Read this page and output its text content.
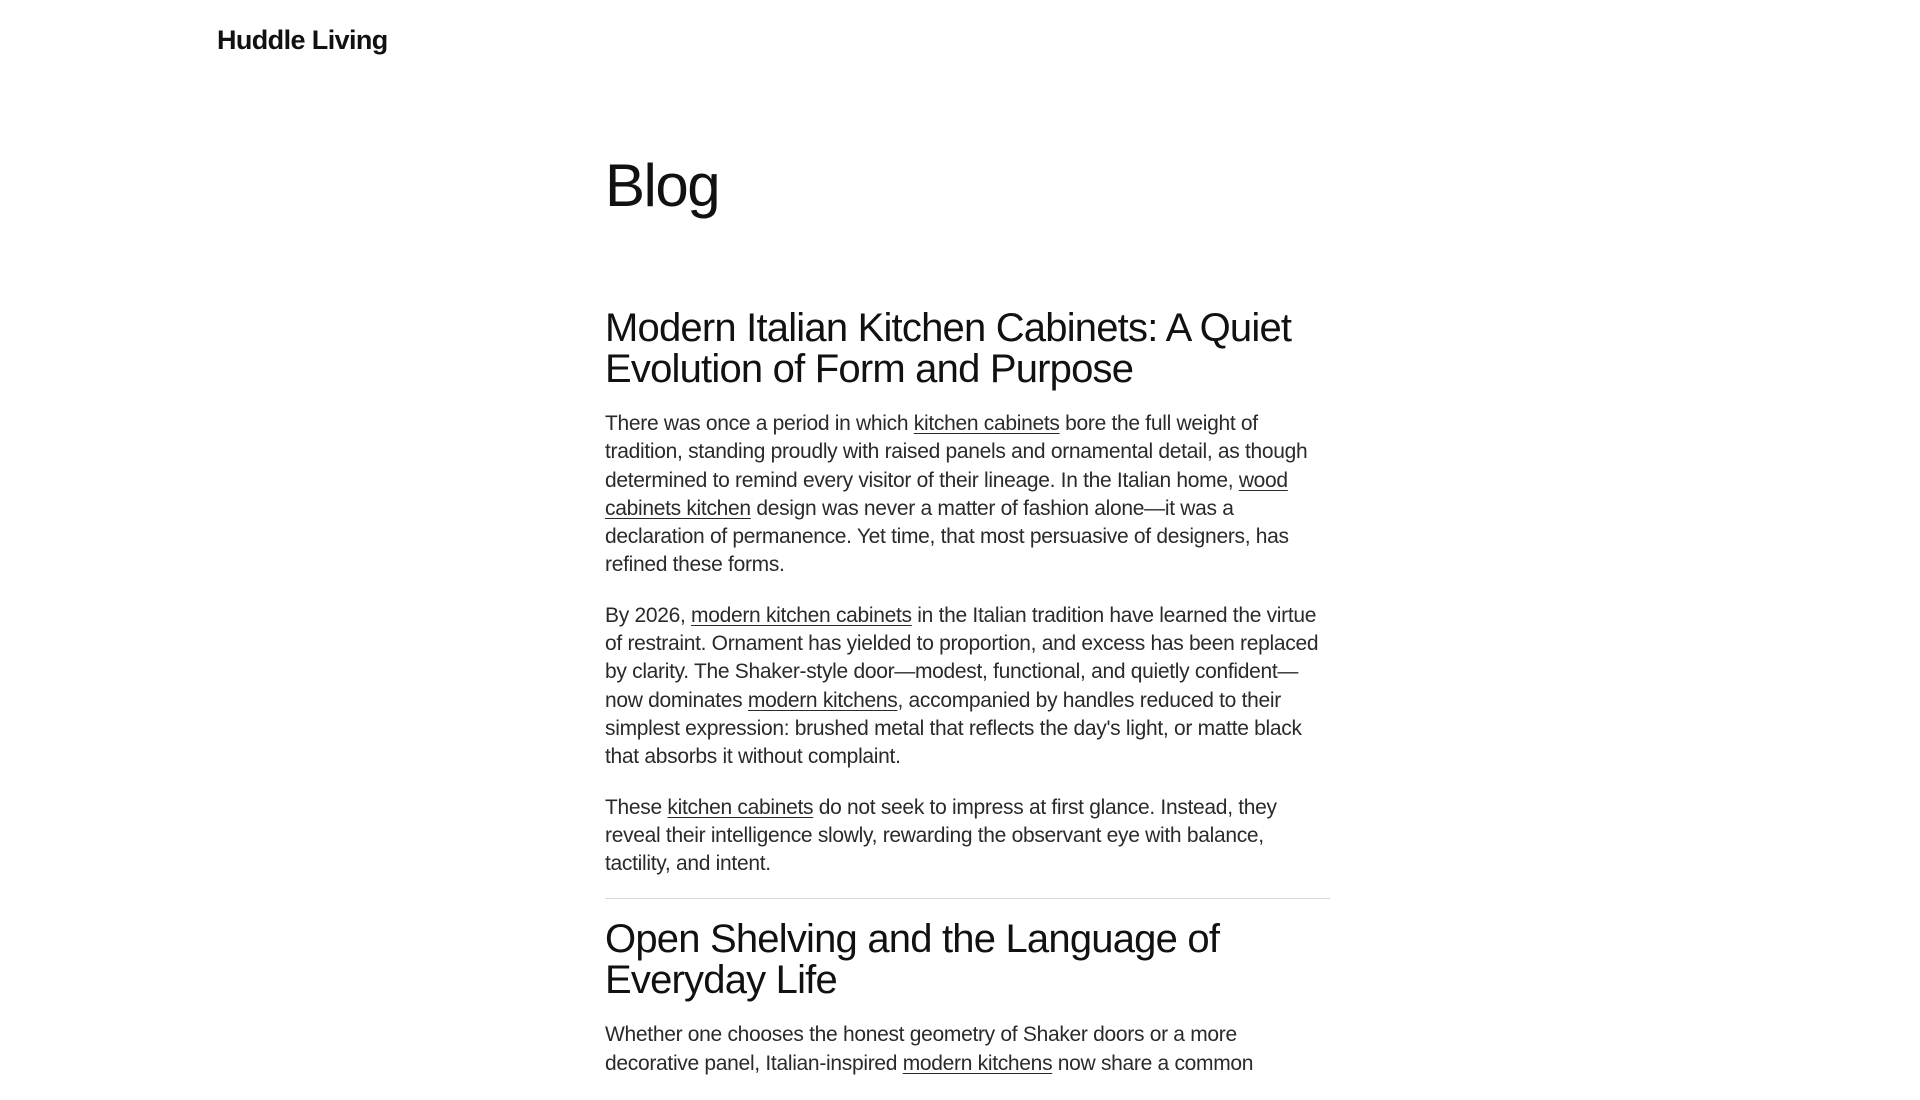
Huddle Living
Blog
Modern Italian Kitchen Cabinets: A Quiet Evolution of Form and Purpose

There was once a period in which kitchen cabinets bore the full weight of tradition, standing proudly with raised panels and ornamental detail, as though determined to remind every visitor of their lineage. In the Italian home, wood cabinets kitchen design was never a matter of fashion alone—it was a declaration of permanence. Yet time, that most persuasive of designers, has refined these forms.

By 2026, modern kitchen cabinets in the Italian tradition have learned the virtue of restraint. Ornament has yielded to proportion, and excess has been replaced by clarity. The Shaker-style door—modest, functional, and quietly confident—now dominates modern kitchens, accompanied by handles reduced to their simplest expression: brushed metal that reflects the day's light, or matte black that absorbs it without complaint.

These kitchen cabinets do not seek to impress at first glance. Instead, they reveal their intelligence slowly, rewarding the observant eye with balance, tactility, and intent.

Open Shelving and the Language of Everyday Life

Whether one chooses the honest geometry of Shaker doors or a more decorative panel, Italian-inspired modern kitchens now share a common
